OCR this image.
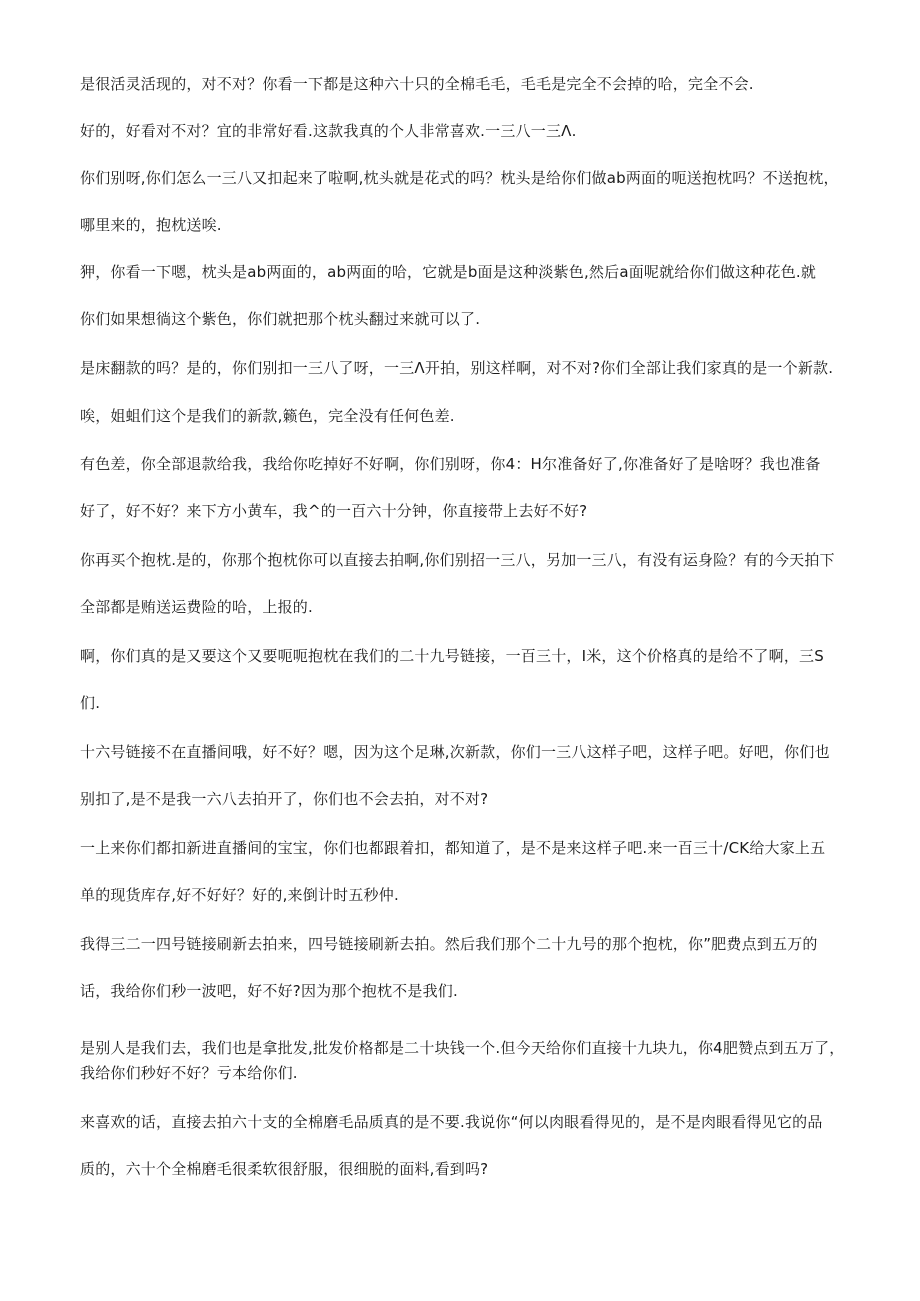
是很活灵活现的，对不对？你看一下都是这种六十只的全棉毛毛，毛毛是完全不会掉的哈，完全不会.

好的，好看对不对？宜的非常好看.这款我真的个人非常喜欢.一三八一三Λ.

你们别呀,你们怎么一三八又扣起来了啦啊,枕头就是花式的吗？枕头是给你们做ab两面的呃送抱枕吗？不送抱枕，

哪里来的，抱枕送唉.

狎，你看一下嗯，枕头是ab两面的，ab两面的哈，它就是b面是这种淡紫色,然后a面呢就给你们做这种花色.就

你们如果想徜这个紫色，你们就把那个枕头翻过来就可以了.

是床翻款的吗？是的，你们别扣一三八了呀，一三Λ开拍，别这样啊，对不对?你们全部让我们家真的是一个新款.

唉，姐蛆们这个是我们的新款,籁色，完全没有任何色差.

有色差，你全部退款给我，我给你吃掉好不好啊，你们别呀，你4：H尔准备好了,你准备好了是啥呀？我也准备

好了，好不好？来下方小黄车，我^的一百六十分钟，你直接带上去好不好?

你再买个抱枕.是的，你那个抱枕你可以直接去拍啊,你们别招一三八，另加一三八，有没有运身险？有的今天拍下

全部都是贿送运费险的哈，上报的.

啊，你们真的是又要这个又要呃呃抱枕在我们的二十九号链接，一百三十，I米，这个价格真的是给不了啊，三S

们.

十六号链接不在直播间哦，好不好？嗯，因为这个足琳,次新款，你们一三八这样子吧，这样子吧。好吧，你们也

别扣了,是不是我一六八去拍开了，你们也不会去拍，对不对?

一上来你们都扣新进直播间的宝宝，你们也都跟着扣，都知道了，是不是来这样子吧.来一百三十/CK给大家上五

单的现货库存,好不好好？好的,来倒计时五秒仲.

我得三二一四号链接刷新去拍来，四号链接刷新去拍。然后我们那个二十九号的那个抱枕，你”肥费点到五万的

话，我给你们秒一波吧，好不好?因为那个抱枕不是我们.

是别人是我们去，我们也是拿批发,批发价格都是二十块钱一个.但今天给你们直接十九块九，你4肥赞点到五万了，

我给你们秒好不好？亏本给你们.

来喜欢的话，直接去拍六十支的全棉磨毛品质真的是不要.我说你“何以肉眼看得见的，是不是肉眼看得见它的品

质的，六十个全棉磨毛很柔软很舒服，很细脱的面料,看到吗?
